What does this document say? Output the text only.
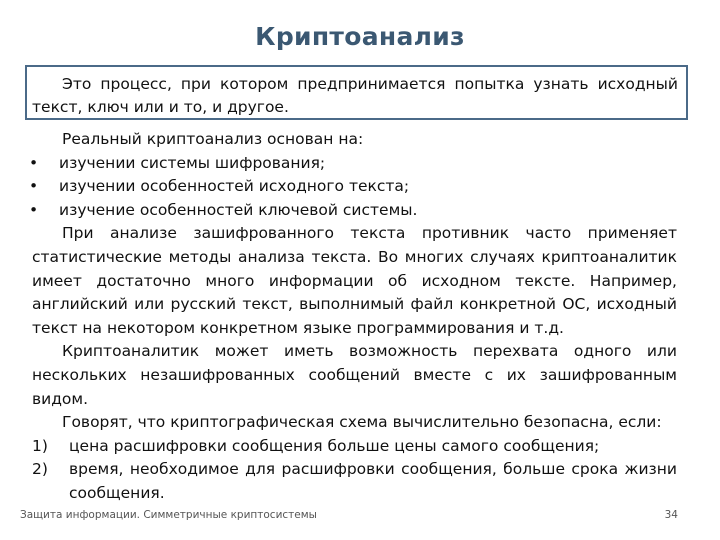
Криптоанализ

Это процесс, при котором предпринимается попытка узнать исходный текст, ключ или и то, и другое.

Реальный криптоанализ основан на:

•	изучении системы шифрования;
•	изучении особенностей исходного текста;
•	изучение особенностей ключевой системы.

При анализе зашифрованного текста противник часто применяет статистические методы анализа текста. Во многих случаях криптоаналитик имеет достаточно много информации об исходном тексте. Например, английский или русский текст, выполнимый файл конкретной ОС, исходный текст на некотором конкретном языке программирования и т.д.

Криптоаналитик может иметь возможность перехвата одного или нескольких незашифрованных сообщений вместе с их зашифрованным видом.

Говорят, что криптографическая схема вычислительно безопасна, если:

1)	цена расшифровки сообщения больше цены самого сообщения;
2)	время, необходимое для расшифровки сообщения, больше срока жизни сообщения.
Защита информации. Симметричные криптосистемы	34
